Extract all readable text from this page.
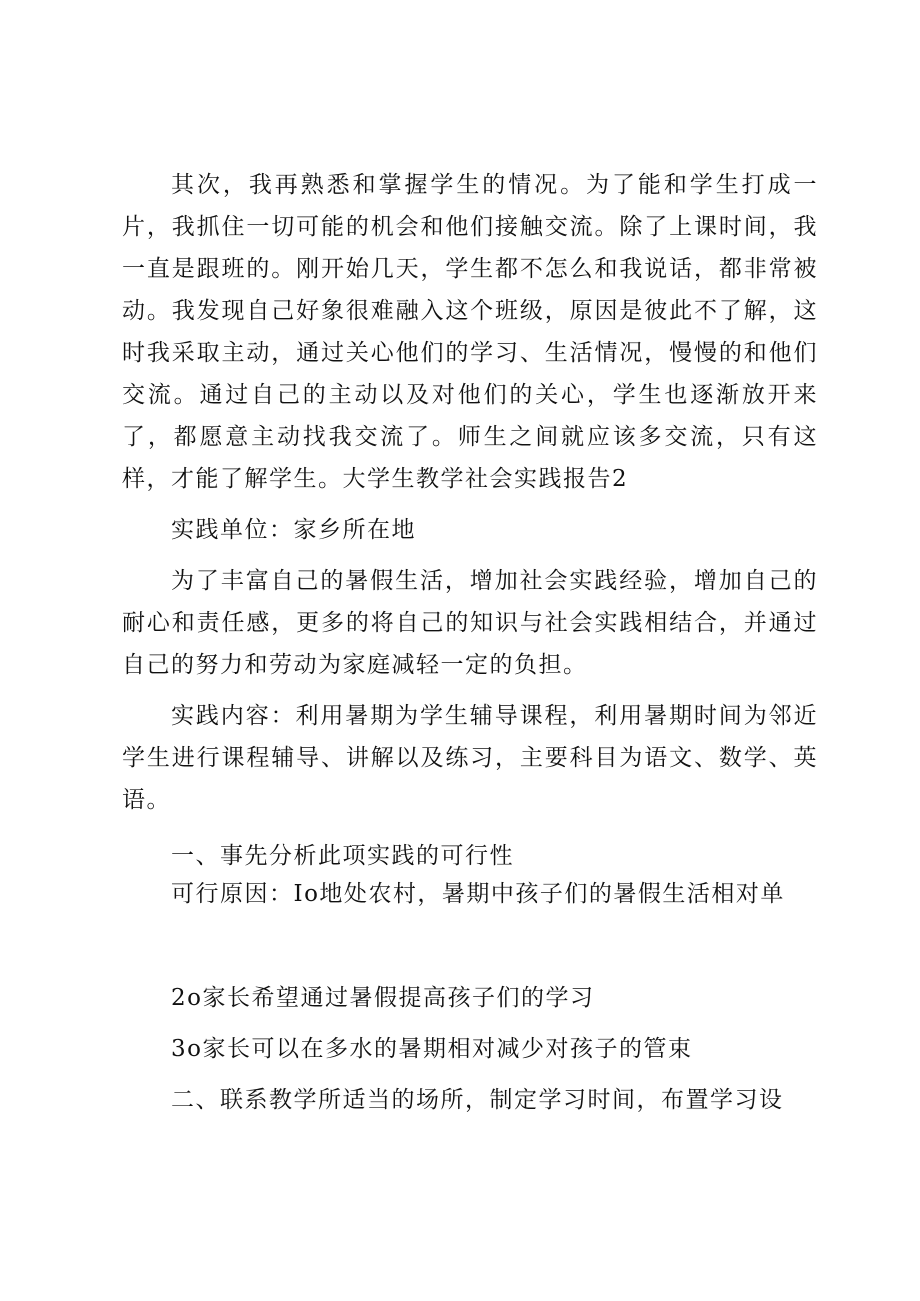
其次，我再熟悉和掌握学生的情况。为了能和学生打成一片，我抓住一切可能的机会和他们接触交流。除了上课时间，我一直是跟班的。刚开始几天，学生都不怎么和我说话，都非常被动。我发现自己好象很难融入这个班级，原因是彼此不了解，这时我采取主动，通过关心他们的学习、生活情况，慢慢的和他们交流。通过自己的主动以及对他们的关心，学生也逐渐放开来了，都愿意主动找我交流了。师生之间就应该多交流，只有这样，才能了解学生。大学生教学社会实践报告2

实践单位：家乡所在地

为了丰富自己的暑假生活，增加社会实践经验，增加自己的耐心和责任感，更多的将自己的知识与社会实践相结合，并通过自己的努力和劳动为家庭减轻一定的负担。

实践内容：利用暑期为学生辅导课程，利用暑期时间为邻近学生进行课程辅导、讲解以及练习，主要科目为语文、数学、英语。

一、事先分析此项实践的可行性

可行原因：Io地处农村，暑期中孩子们的暑假生活相对单

2o家长希望通过暑假提高孩子们的学习

3o家长可以在多水的暑期相对减少对孩子的管束

二、联系教学所适当的场所，制定学习时间，布置学习设
